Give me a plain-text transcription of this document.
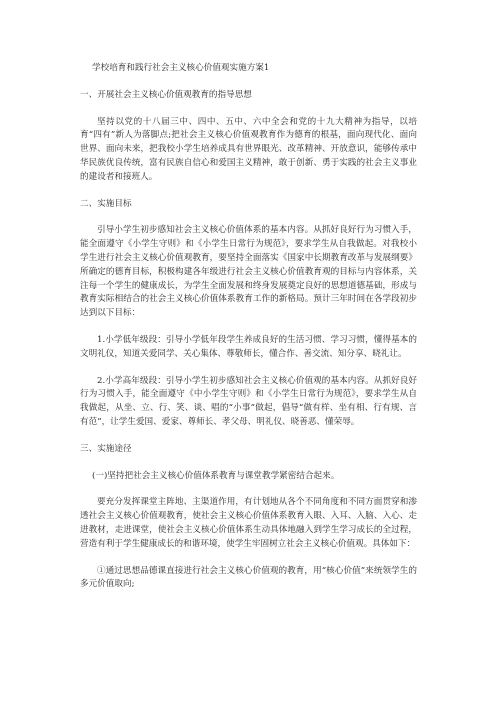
学校培育和践行社会主义核心价值观实施方案1

一、开展社会主义核心价值观教育的指导思想

坚持以党的十八届三中、四中、五中、六中全会和党的十九大精神为指导，以培育“四有”新人为落脚点;把社会主义核心价值观教育作为德育的根基，面向现代化、面向世界、面向未来，把我校小学生培养成具有世界眼光、改革精神、开放意识，能够传承中华民族优良传统，富有民族自信心和爱国主义精神，敢于创新、勇于实践的社会主义事业的建设者和接班人。

二、实施目标

引导小学生初步感知社会主义核心价值体系的基本内容。从抓好良好行为习惯入手，能全面遵守《小学生守则》和《小学生日常行为规范》，要求学生从自我做起。对我校小学生进行社会主义核心价值观教育，要坚持全面落实《国家中长期教育改革与发展纲要》所确定的德育目标，积极构建各年级进行社会主义核心价值教育观的目标与内容体系，关注每一个学生的健康成长，为学生全面发展和终身发展奠定良好的思想道德基础，形成与教育实际相结合的社会主义核心价值体系教育工作的新格局。预计三年时间在各学段初步达到以下目标：

1.小学低年级段：引导小学低年段学生养成良好的生活习惯、学习习惯，懂得基本的文明礼仪，知道关爱同学、关心集体、尊敬师长，懂合作、善交流、知分享、晓礼让。

2.小学高年级段：引导小学生初步感知社会主义核心价值观的基本内容。从抓好良好行为习惯入手，能全面遵守《中小学生守则》和《小学生日常行为规范》，要求学生从自我做起，从坐、立、行、笑、谈、唱的“小事”做起，倡导“做有样、坐有相、行有规、言有范”，让学生爱国、爱家、尊师长、孝父母、明礼仪、晓善恶、懂荣辱。

三、实施途径

(一)坚持把社会主义核心价值体系教育与课堂教学紧密结合起来。

要充分发挥课堂主阵地、主渠道作用，有计划地从各个不同角度和不同方面贯穿和渗透社会主义核心价值观教育，使社会主义核心价值体系教育入眼、入耳、入脑、入心、走进教材，走进课堂，使社会主义核心价值体系生动具体地融入到学生学习成长的全过程，营造有利于学生健康成长的和谐环境，使学生牢固树立社会主义核心价值观。具体如下：

①通过思想品德课直接进行社会主义核心价值观的教育，用“核心价值”来统领学生的多元价值取向;
